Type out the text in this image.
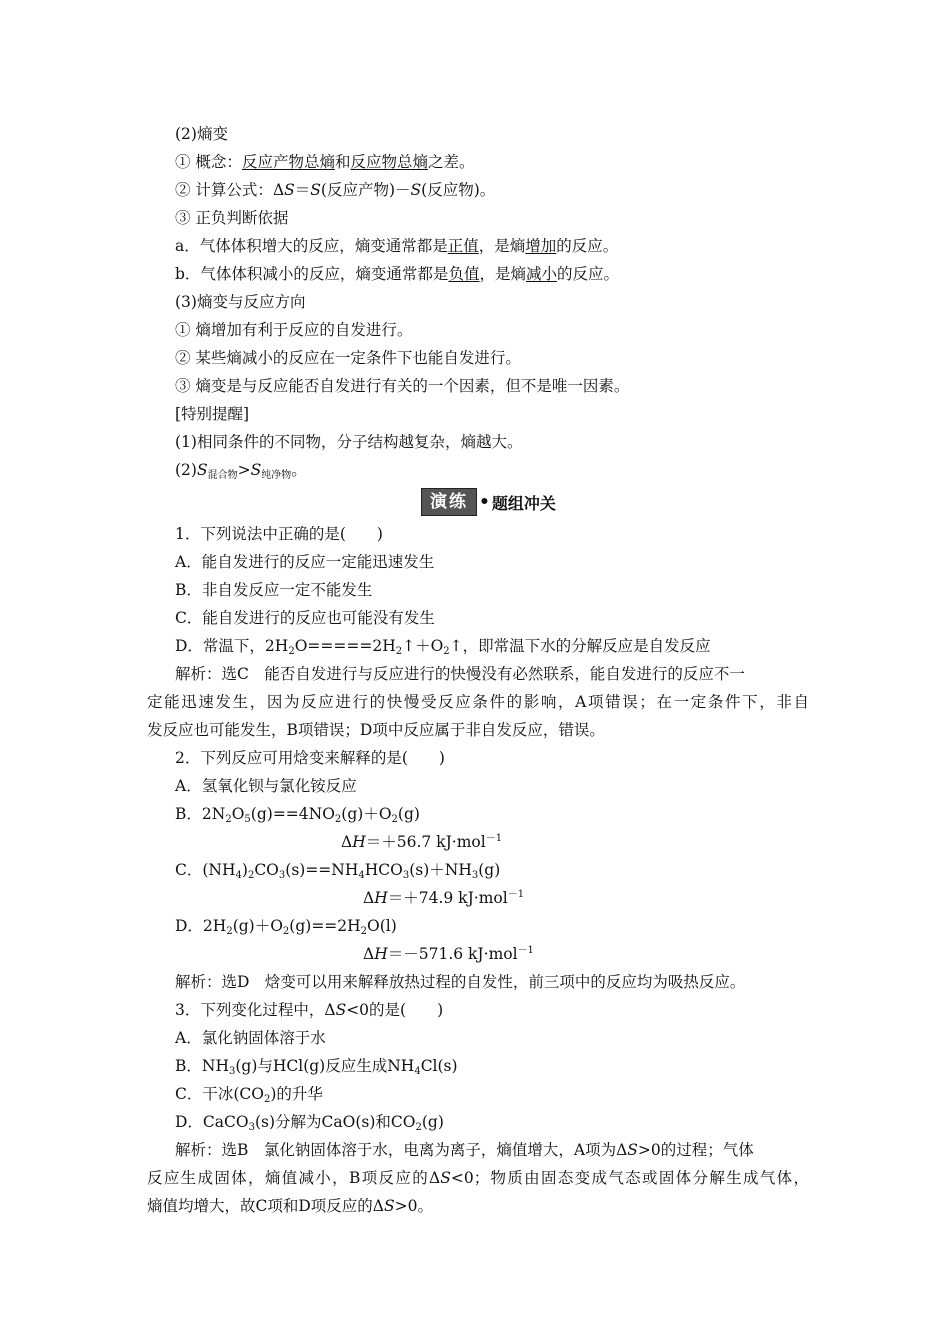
(2)熵变
① 概念：反应产物总熵和反应物总熵之差。
② 计算公式：ΔS＝S(反应产物)－S(反应物)。
③ 正负判断依据
a．气体体积增大的反应，熵变通常都是正值，是熵增加的反应。
b．气体体积减小的反应，熵变通常都是负值，是熵减小的反应。
(3)熵变与反应方向
① 熵增加有利于反应的自发进行。
② 某些熵减小的反应在一定条件下也能自发进行。
③ 熵变是与反应能否自发进行有关的一个因素，但不是唯一因素。
[特别提醒]
(1)相同条件的不同物，分子结构越复杂，熵越大。
$(2)S_{混合物}>S_{纯净物}$。
演练 • 题组冲关
1．下列说法中正确的是(　　)
A．能自发进行的反应一定能迅速发生
B．非自发反应一定不能发生
C．能自发进行的反应也可能没有发生
D．常温下，$2H_2O=====2H_2↑+O_2↑$，即常温下水的分解反应是自发反应
解析：选C　能否自发进行与反应进行的快慢没有必然联系，能自发进行的反应不一
定能迅速发生，因为反应进行的快慢受反应条件的影响，A项错误；在一定条件下，非自
发反应也可能发生，B项错误；D项中反应属于非自发反应，错误。
2．下列反应可用焓变来解释的是(　　)
A．氢氧化钡与氯化铵反应
B．$2N_2O_5(g)==4NO_2(g)+O_2(g)$
ΔH＝＋56.7 kJ·mol$^{-1}$
C．$(NH_4)_2CO_3(s)==NH_4HCO_3(s)+NH_3(g)$
ΔH＝＋74.9 kJ·mol$^{-1}$
D．$2H_2(g)+O_2(g)==2H_2O(l)$
ΔH＝－571.6 kJ·mol$^{-1}$
解析：选D　焓变可以用来解释放热过程的自发性，前三项中的反应均为吸热反应。
3．下列变化过程中，ΔS<0的是(　　)
A．氯化钠固体溶于水
B．$NH_3(g)$与HCl(g)反应生成$NH_4Cl(s)$
C．干冰$(CO_2)$的升华
D．CaCO$_3$(s)分解为CaO(s)和$CO_2(g)$
解析：选B　氯化钠固体溶于水，电离为离子，熵值增大，A项为ΔS>0的过程；气体
反应生成固体，熵值减小，B项反应的ΔS<0；物质由固态变成气态或固体分解生成气体，
熵值均增大，故C项和D项反应的ΔS>0。
